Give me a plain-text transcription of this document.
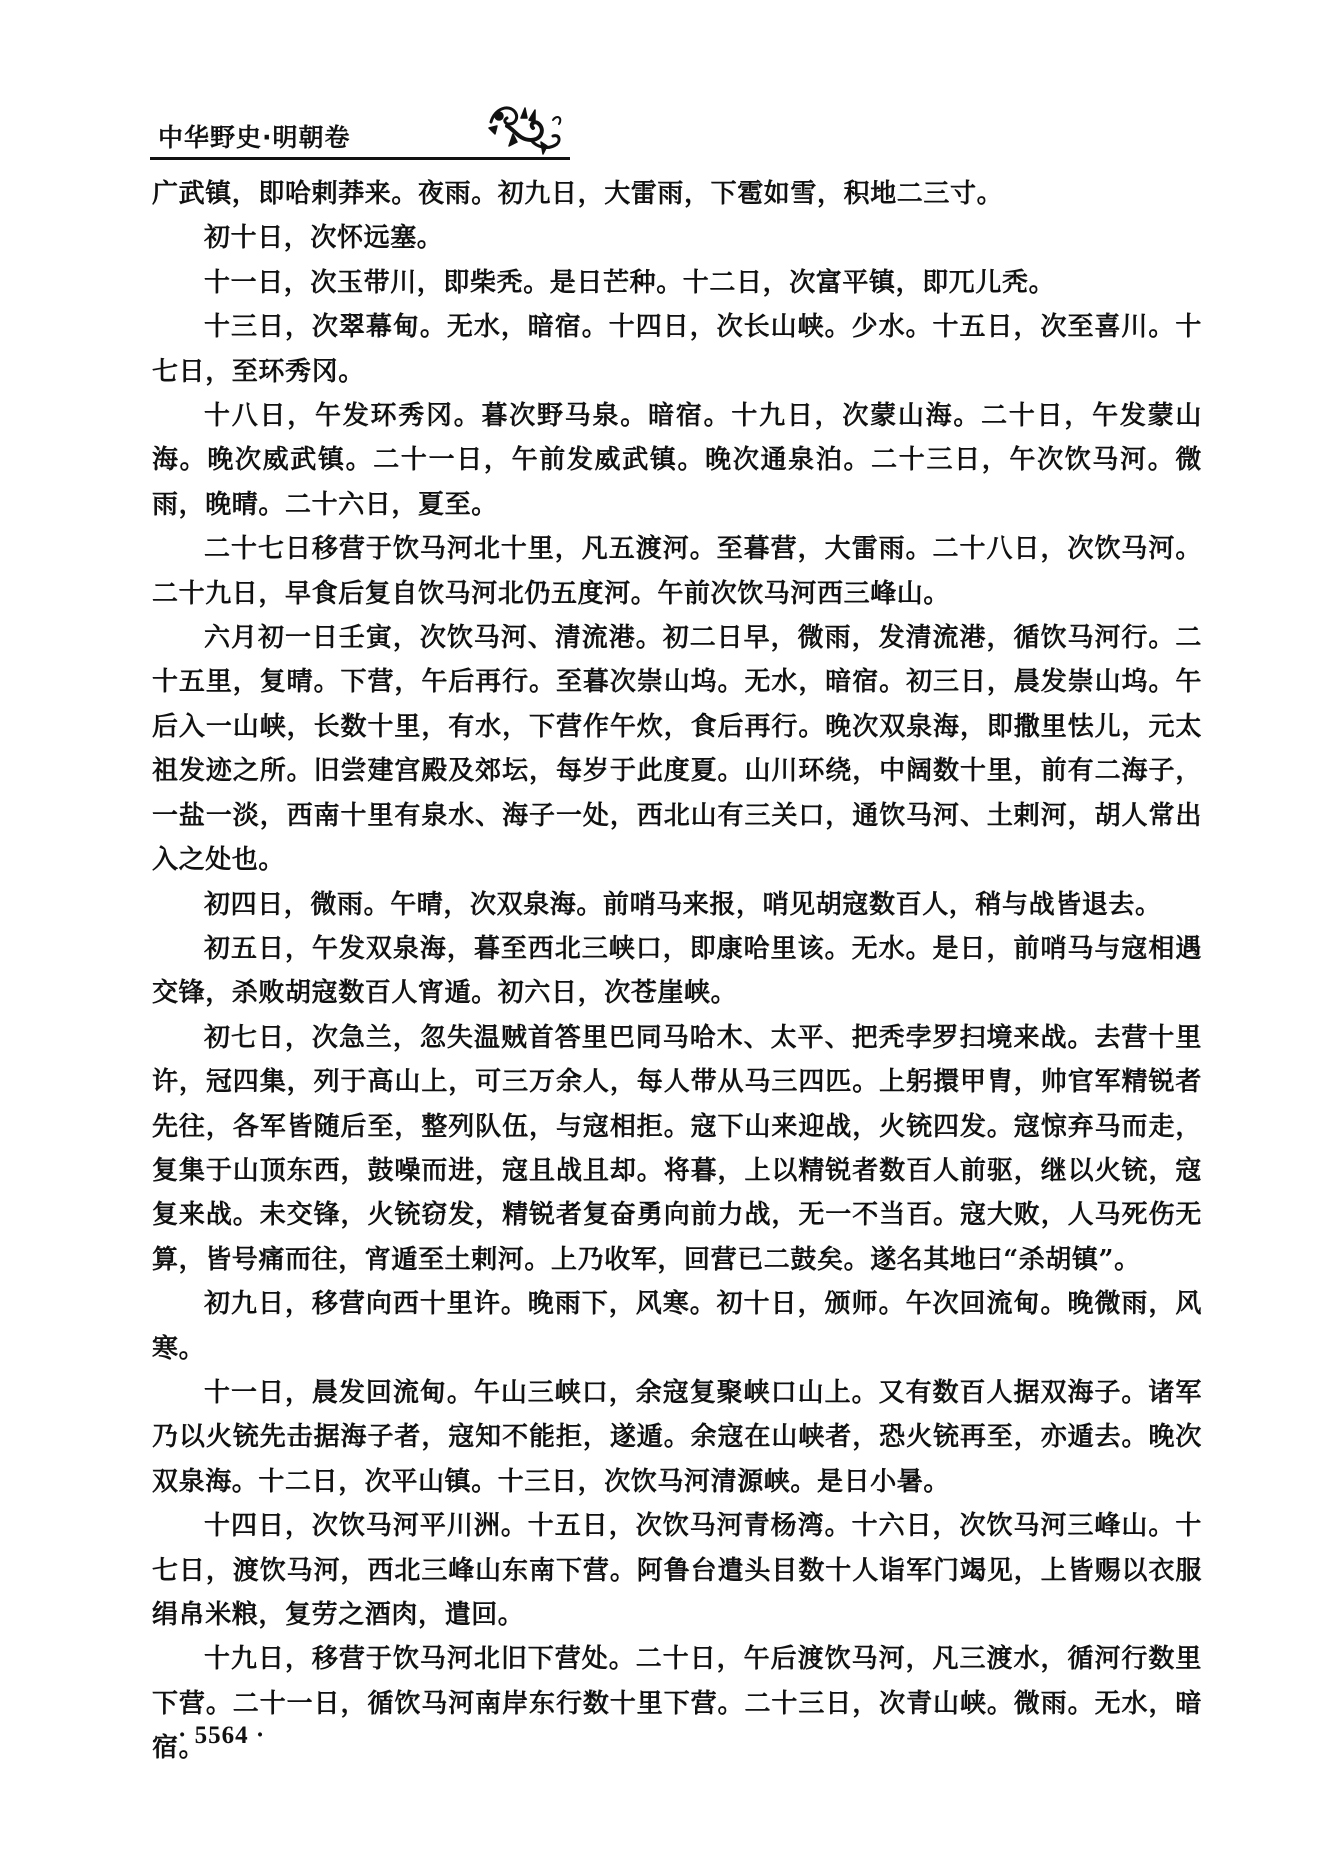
中华野史·明朝卷

广武镇，即哈剌莽来。夜雨。初九日，大雷雨，下雹如雪，积地二三寸。

初十日，次怀远塞。

十一日，次玉带川，即柴秃。是日芒种。十二日，次富平镇，即兀儿秃。

十三日，次翠幕甸。无水，暗宿。十四日，次长山峡。少水。十五日，次至喜川。十七日，至环秀冈。

十八日，午发环秀冈。暮次野马泉。暗宿。十九日，次蒙山海。二十日，午发蒙山海。晚次威武镇。二十一日，午前发威武镇。晚次通泉泊。二十三日，午次饮马河。微雨，晚晴。二十六日，夏至。

二十七日移营于饮马河北十里，凡五渡河。至暮营，大雷雨。二十八日，次饮马河。二十九日，早食后复自饮马河北仍五度河。午前次饮马河西三峰山。

六月初一日壬寅，次饮马河、清流港。初二日早，微雨，发清流港，循饮马河行。二十五里，复晴。下营，午后再行。至暮次崇山坞。无水，暗宿。初三日，晨发崇山坞。午后入一山峡，长数十里，有水，下营作午炊，食后再行。晚次双泉海，即撒里怯儿，元太祖发迹之所。旧尝建宫殿及郊坛，每岁于此度夏。山川环绕，中阔数十里，前有二海子，一盐一淡，西南十里有泉水、海子一处，西北山有三关口，通饮马河、土剌河，胡人常出入之处也。

初四日，微雨。午晴，次双泉海。前哨马来报，哨见胡寇数百人，稍与战皆退去。

初五日，午发双泉海，暮至西北三峡口，即康哈里该。无水。是日，前哨马与寇相遇交锋，杀败胡寇数百人宵遁。初六日，次苍崖峡。

初七日，次急兰，忽失温贼首答里巴同马哈木、太平、把秃孛罗扫境来战。去营十里许，冠四集，列于高山上，可三万余人，每人带从马三四匹。上躬擐甲胄，帅官军精锐者先往，各军皆随后至，整列队伍，与寇相拒。寇下山来迎战，火铳四发。寇惊弃马而走，复集于山顶东西，鼓噪而进，寇且战且却。将暮，上以精锐者数百人前驱，继以火铳，寇复来战。未交锋，火铳窃发，精锐者复奋勇向前力战，无一不当百。寇大败，人马死伤无算，皆号痛而往，宵遁至土剌河。上乃收军，回营已二鼓矣。遂名其地曰“杀胡镇”。

初九日，移营向西十里许。晚雨下，风寒。初十日，颁师。午次回流甸。晚微雨，风寒。

十一日，晨发回流甸。午山三峡口，余寇复聚峡口山上。又有数百人据双海子。诸军乃以火铳先击据海子者，寇知不能拒，遂遁。余寇在山峡者，恐火铳再至，亦遁去。晚次双泉海。十二日，次平山镇。十三日，次饮马河清源峡。是日小暑。

十四日，次饮马河平川洲。十五日，次饮马河青杨湾。十六日，次饮马河三峰山。十七日，渡饮马河，西北三峰山东南下营。阿鲁台遣头目数十人诣军门竭见，上皆赐以衣服绢帛米粮，复劳之酒肉，遣回。

十九日，移营于饮马河北旧下营处。二十日，午后渡饮马河，凡三渡水，循河行数里下营。二十一日，循饮马河南岸东行数十里下营。二十三日，次青山峡。微雨。无水，暗宿。

· 5564 ·
